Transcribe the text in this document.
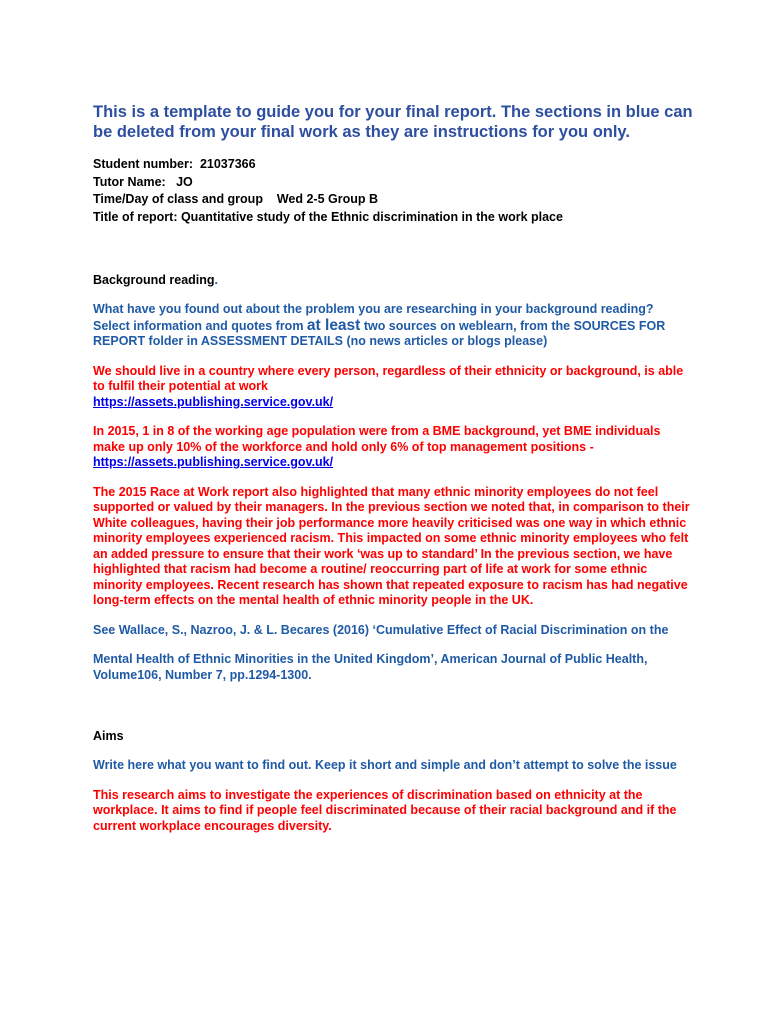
This is a template to guide you for your final report. The sections in blue can be deleted from your final work as they are instructions for you only.

Student number:  21037366
Tutor Name:   JO
Time/Day of class and group    Wed 2-5 Group B
Title of report: Quantitative study of the Ethnic discrimination in the work place
Background reading.

What have you found out about the problem you are researching in your background reading? Select information and quotes from at least two sources on weblearn, from the SOURCES FOR REPORT folder in ASSESSMENT DETAILS (no news articles or blogs please)

We should live in a country where every person, regardless of their ethnicity or background, is able to fulfil their potential at work
https://assets.publishing.service.gov.uk/

In 2015, 1 in 8 of the working age population were from a BME background, yet BME individuals make up only 10% of the workforce and hold only 6% of top management positions - https://assets.publishing.service.gov.uk/

The 2015 Race at Work report also highlighted that many ethnic minority employees do not feel supported or valued by their managers. In the previous section we noted that, in comparison to their White colleagues, having their job performance more heavily criticised was one way in which ethnic minority employees experienced racism. This impacted on some ethnic minority employees who felt an added pressure to ensure that their work ‘was up to standard’ In the previous section, we have highlighted that racism had become a routine/ reoccurring part of life at work for some ethnic minority employees. Recent research has shown that repeated exposure to racism has had negative long-term effects on the mental health of ethnic minority people in the UK.

See Wallace, S., Nazroo, J. & L. Becares (2016) ‘Cumulative Effect of Racial Discrimination on the

Mental Health of Ethnic Minorities in the United Kingdom’, American Journal of Public Health, Volume106, Number 7, pp.1294-1300.

Aims

Write here what you want to find out. Keep it short and simple and don’t attempt to solve the issue

This research aims to investigate the experiences of discrimination based on ethnicity at the workplace. It aims to find if people feel discriminated because of their racial background and if the current workplace encourages diversity.
